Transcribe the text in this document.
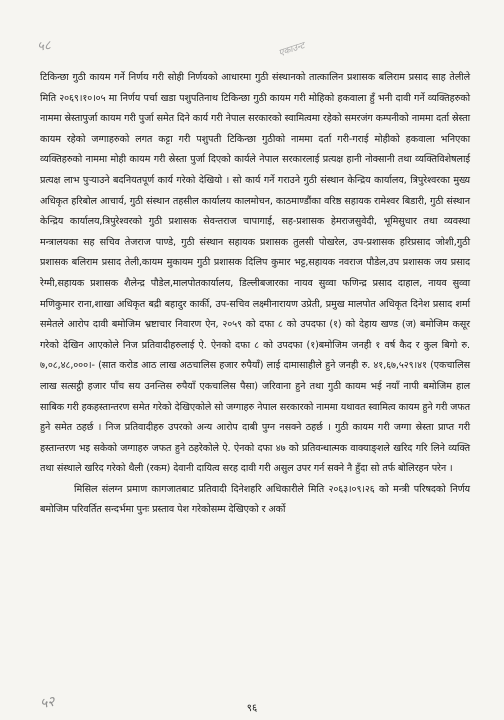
५८	एकाउन्ट

टिकिन्छा गुठी कायम गर्ने निर्णय गरी सोही निर्णयको आधारमा गुठी संस्थानको तात्कालिन प्रशासक बलिराम प्रसाद साह तेलीले मिति २०६९।१०।०५ मा निर्णय पर्चा खडा पशुपतिनाथ टिकिन्छा गुठी कायम गरी मोहिको हकवाला हुँ भनी दावी गर्ने व्यक्तिहरुको नाममा स्रेस्तापुर्जा कायम गरी पुर्जा समेत दिने कार्य गरी नेपाल सरकारको स्वामित्वमा रहेको समरजंग कम्पनीको नाममा दर्ता स्रेस्ता कायम रहेको जग्गाहरुको लगत कट्टा गरी पशुपती टिकिन्छा गुठीको नाममा दर्ता गरी-गराई मोहीको हकवाला भनिएका व्यक्तिहरुको नाममा मोही कायम गरी स्रेस्ता पुर्जा दिएको कार्यले नेपाल सरकारलाई प्रत्यक्ष हानी नोक्सानी तथा व्यक्तिविशेषलाई प्रत्यक्ष लाभ पुऱ्याउने बदनियतपूर्ण कार्य गरेको देखियो । सो कार्य गर्ने गराउने गुठी संस्थान केन्द्रिय कार्यालय, त्रिपुरेश्वरका मुख्य अधिकृत हरिबोल आचार्य, गुठी संस्थान तहसील कार्यालय कालमोचन, काठमाण्डौंका वरिष्ठ सहायक रामेश्वर बिडारी, गुठी संस्थान केन्द्रिय कार्यालय,त्रिपुरेश्वरको गुठी प्रशासक सेवन्तराज चापागाई, सह-प्रशासक हेमराजसुवेदी, भूमिसुधार तथा व्यवस्था मन्त्रालयका सह सचिव तेजराज पाण्डे, गुठी संस्थान सहायक प्रशासक तुलसी पोखरेल, उप-प्रशासक हरिप्रसाद जोशी,गुठी प्रशासक बलिराम प्रसाद तेली,कायम मुकायम गुठी प्रशासक दिलिप कुमार भट्ट,सहायक नवराज पौडेल,उप प्रशासक जय प्रसाद रेग्मी,सहायक प्रशासक शैलेन्द्र पौडेल,मालपोतकार्यालय, डिल्लीबजारका नायव सुव्वा फणिन्द्र प्रसाद दाहाल, नायव सुव्वा मणिकुमार राना,शाखा अधिकृत बद्री बहादुर कार्की, उप-सचिव लक्ष्मीनारायण उप्रेती, प्रमुख मालपोत अधिकृत दिनेश प्रसाद शर्मा समेतले आरोप दावी बमोजिम भ्रष्टाचार निवारण ऐन, २०५९ को दफा ८ को उपदफा (१) को देहाय खण्ड (ज) बमोजिम कसूर गरेको देखिन आएकोले निज प्रतिवादीहरुलाई ऐ. ऐनको दफा ८ को उपदफा (१)बमोजिम जनही १ वर्ष कैद र कुल बिगो रु. ७,०८,४८,०००।- (सात करोड आठ लाख अठचालिस हजार रुपैयाँ) लाई दामासाहीले हुने जनही रु. ४१,६७,५२९।४१ (एकचालिस लाख सत्सट्ठी हजार पाँच सय उनन्तिस रुपैयाँ एकचालिस पैसा) जरिवाना हुने तथा गुठी कायम भई नयाँ नापी बमोजिम हाल साबिक गरी हकहस्तान्तरण समेत गरेको देखिएकोले सो जग्गाहरु नेपाल सरकारको नाममा यथावत स्वामित्व कायम हुने गरी जफत हुने समेत ठहर्छ । निज प्रतिवादीहरु उपरको अन्य आरोप दाबी पुग्न नसक्ने ठहर्छ । गुठी कायम गरी जग्गा स्रेस्ता प्राप्त गरी हस्तान्तरण भइ सकेको जग्गाहरु जफत हुने ठहरेकोले ऐ. ऐनको दफा ४७ को प्रतिवन्धात्मक वाक्याङ्शले खरिद गरि लिने व्यक्ति तथा संस्थाले खरिद गरेको थैली (रकम) देवानी दायित्व सरह दावी गरी असुल उपर गर्न सक्ने नै हुँदा सो तर्फ बोलिरहन परेन ।

मिसिल संलग्न प्रमाण कागजातबाट प्रतिवादी दिनेशहरि अधिकारीले मिति २०६३।०९।२६ को मन्त्री परिषदको निर्णय बमोजिम परिवर्तित सन्दर्भमा पुनः प्रस्ताव पेश गरेकोसम्म देखिएको र अर्को

५२	९६
